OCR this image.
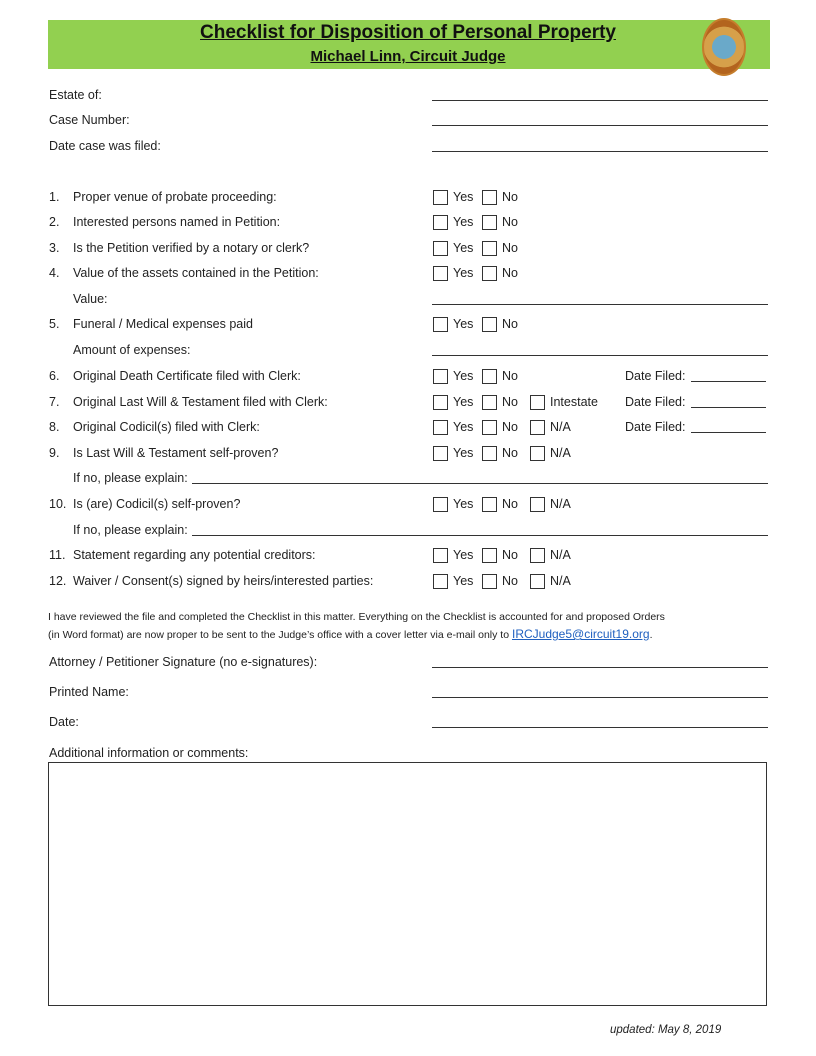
Checklist for Disposition of Personal Property
Michael Linn, Circuit Judge
Estate of:
Case Number:
Date case was filed:
1. Proper venue of probate proceeding:	Yes No
2. Interested persons named in Petition:	Yes No
3. Is the Petition verified by a notary or clerk?	Yes No
4. Value of the assets contained in the Petition:	Yes No
Value:
5. Funeral / Medical expenses paid	Yes No
Amount of expenses:
6. Original Death Certificate filed with Clerk:	Yes No	Date Filed:
7. Original Last Will & Testament filed with Clerk:	Yes No	Intestate Date Filed:
8. Original Codicil(s) filed with Clerk:	Yes No	N/A	Date Filed:
9. Is Last Will & Testament self-proven?	Yes No	N/A
If no, please explain:
10. Is (are) Codicil(s) self-proven?	Yes No	N/A
If no, please explain:
11. Statement regarding any potential creditors:	Yes No	N/A
12. Waiver / Consent(s) signed by heirs/interested parties:	Yes No	N/A
I have reviewed the file and completed the Checklist in this matter. Everything on the Checklist is accounted for and proposed Orders
(in Word format) are now proper to be sent to the Judge’s office with a cover letter via e-mail only to IRCJudge5@circuit19.org.
Attorney / Petitioner Signature (no e-signatures):
Printed Name:
Date:
Additional information or comments:
updated: May 8, 2019
